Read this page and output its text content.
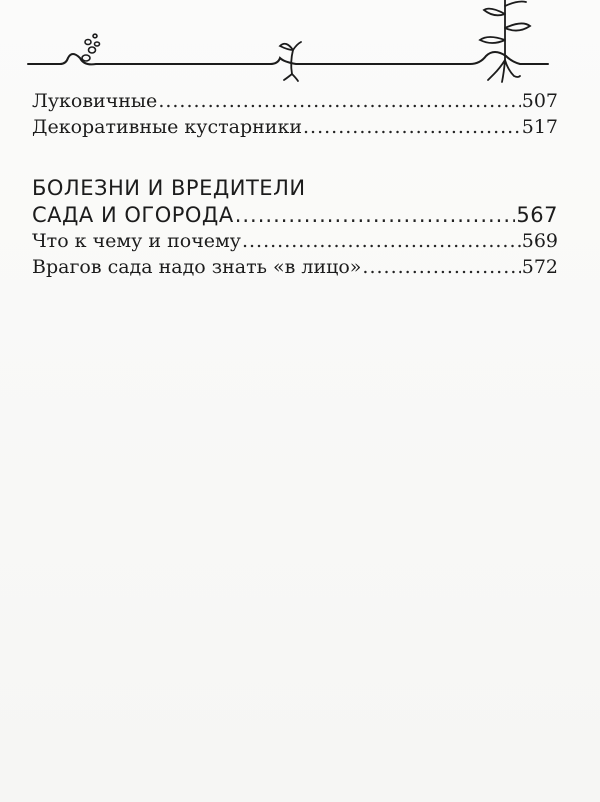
Луковичные .....	507
Декоративные кустарники .....	517
БОЛЕЗНИ И ВРЕДИТЕЛИ
САДА И ОГОРОДА .....	567
Что к чему и почему .....	569
Врагов сада надо знать «в лицо» .....	572
